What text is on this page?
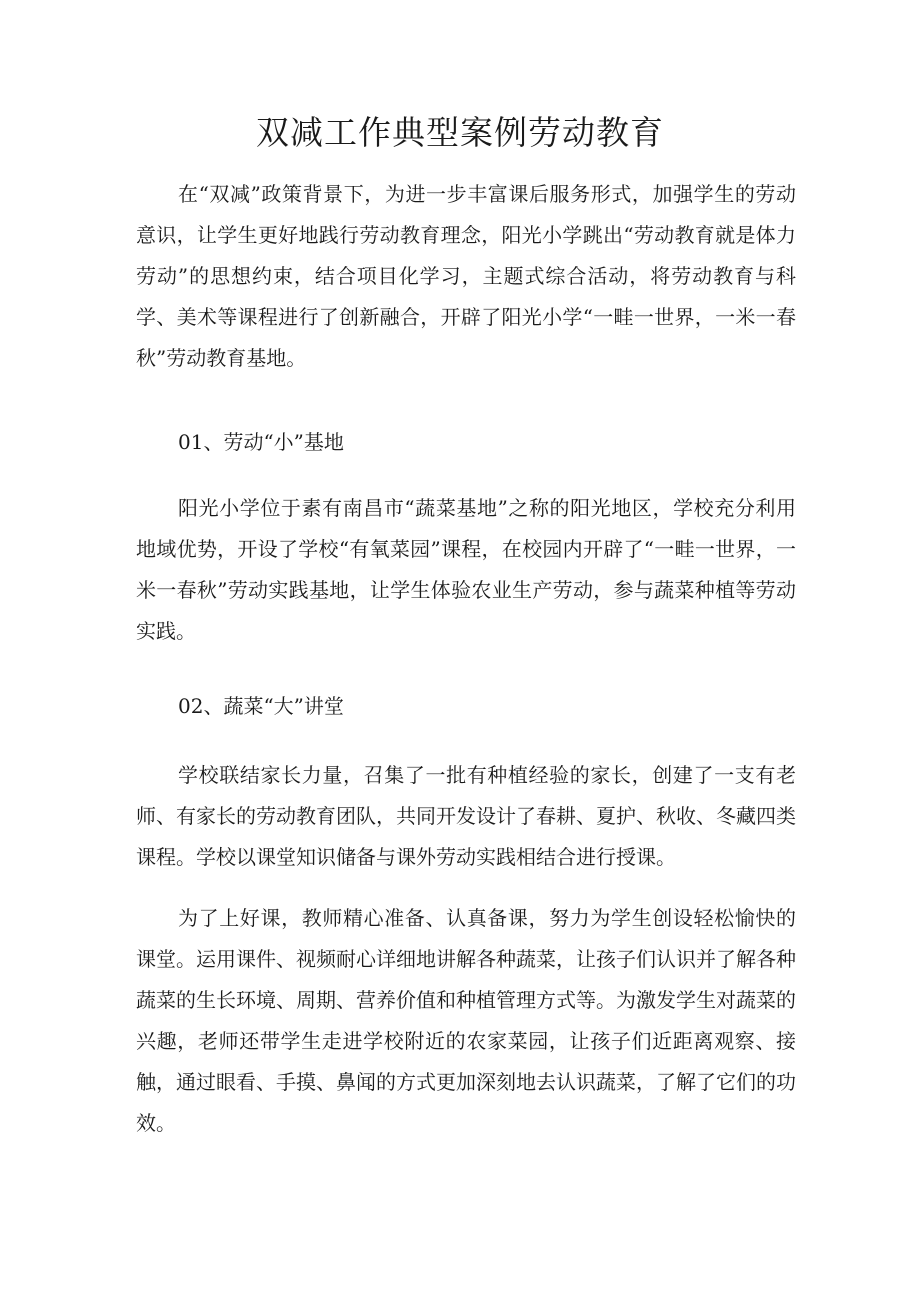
双减工作典型案例劳动教育

在“双减”政策背景下，为进一步丰富课后服务形式，加强学生的劳动意识，让学生更好地践行劳动教育理念，阳光小学跳出“劳动教育就是体力劳动”的思想约束，结合项目化学习，主题式综合活动，将劳动教育与科学、美术等课程进行了创新融合，开辟了阳光小学“一畦一世界，一米一春秋”劳动教育基地。

01、劳动“小”基地

阳光小学位于素有南昌市“蔬菜基地”之称的阳光地区，学校充分利用地域优势，开设了学校“有氧菜园”课程，在校园内开辟了“一畦一世界，一米一春秋”劳动实践基地，让学生体验农业生产劳动，参与蔬菜种植等劳动实践。

02、蔬菜“大”讲堂

学校联结家长力量，召集了一批有种植经验的家长，创建了一支有老师、有家长的劳动教育团队，共同开发设计了春耕、夏护、秋收、冬藏四类课程。学校以课堂知识储备与课外劳动实践相结合进行授课。

为了上好课，教师精心准备、认真备课，努力为学生创设轻松愉快的课堂。运用课件、视频耐心详细地讲解各种蔬菜，让孩子们认识并了解各种蔬菜的生长环境、周期、营养价值和种植管理方式等。为激发学生对蔬菜的兴趣，老师还带学生走进学校附近的农家菜园，让孩子们近距离观察、接触，通过眼看、手摸、鼻闻的方式更加深刻地去认识蔬菜，了解了它们的功效。
